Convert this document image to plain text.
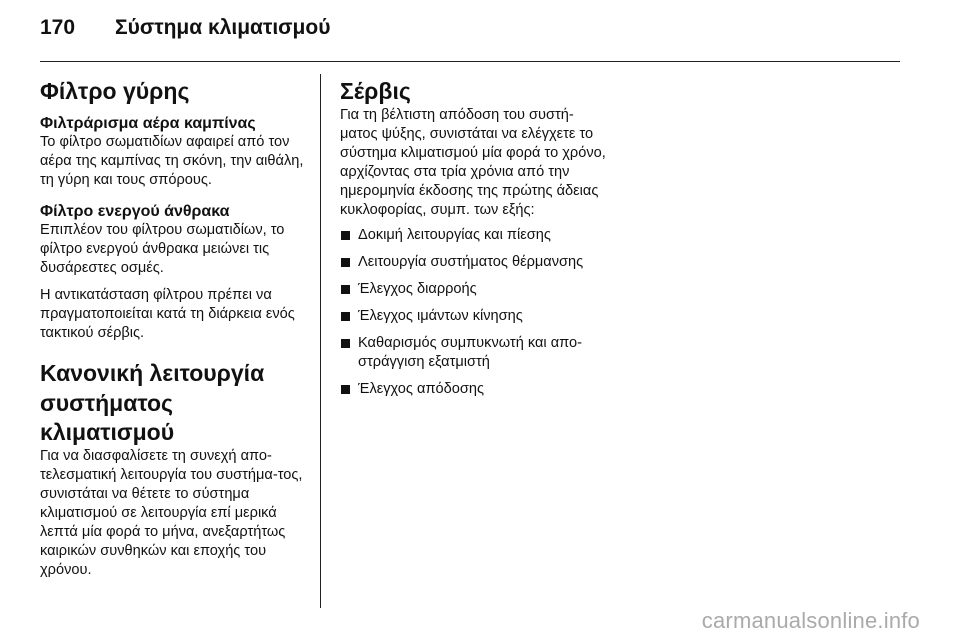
170	Σύστημα κλιματισμού
Φίλτρο γύρης
Φιλτράρισμα αέρα καμπίνας

Το φίλτρο σωματιδίων αφαιρεί από τον αέρα της καμπίνας τη σκόνη, την αιθάλη, τη γύρη και τους σπόρους.

Φίλτρο ενεργού άνθρακα

Επιπλέον του φίλτρου σωματιδίων, το φίλτρο ενεργού άνθρακα μειώνει τις δυσάρεστες οσμές.

Η αντικατάσταση φίλτρου πρέπει να πραγματοποιείται κατά τη διάρκεια ενός τακτικού σέρβις.

Κανονική λειτουργία
συστήματος κλιματισμού

Για να διασφαλίσετε τη συνεχή απο-τελεσματική λειτουργία του συστήμα-τος, συνιστάται να θέτετε το σύστημα κλιματισμού σε λειτουργία επί μερικά λεπτά μία φορά το μήνα, ανεξαρτήτως καιρικών συνθηκών και εποχής του χρόνου.

Σέρβις

Για τη βέλτιστη απόδοση του συστή-ματος ψύξης, συνιστάται να ελέγχετε το σύστημα κλιματισμού μία φορά το χρόνο, αρχίζοντας στα τρία χρόνια από την ημερομηνία έκδοσης της πρώτης άδειας κυκλοφορίας, συμπ. των εξής:

Δοκιμή λειτουργίας και πίεσης
Λειτουργία συστήματος θέρμανσης
Έλεγχος διαρροής
Έλεγχος ιμάντων κίνησης
Καθαρισμός συμπυκνωτή και απο-στράγγιση εξατμιστή
Έλεγχος απόδοσης
carmanualsonline.info
